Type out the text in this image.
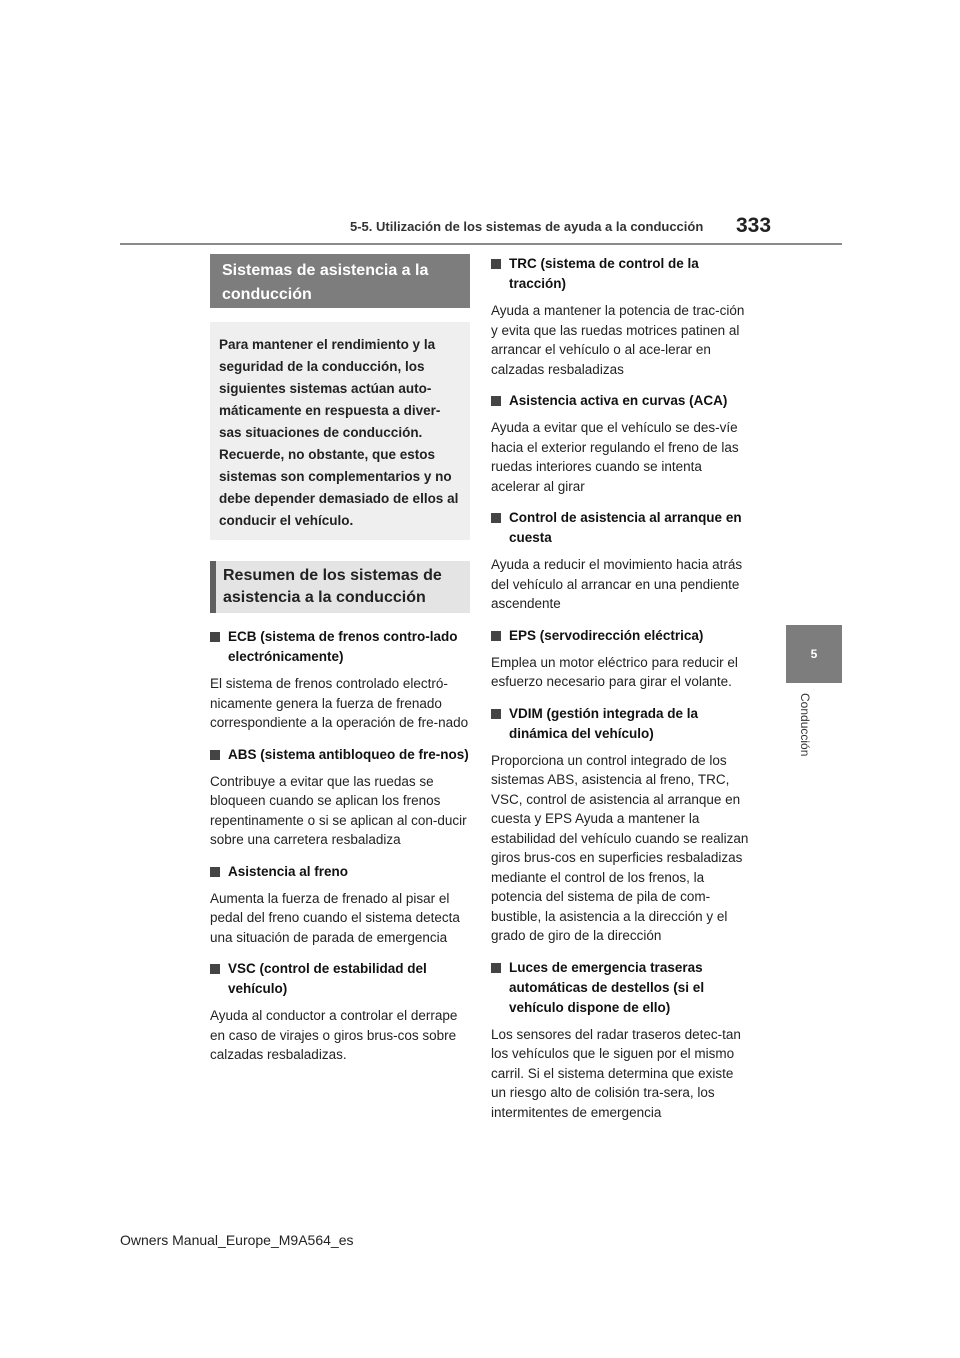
5-5. Utilización de los sistemas de ayuda a la conducción 333
5
Conducción
Sistemas de asistencia a la conducción
Para mantener el rendimiento y la seguridad de la conducción, los siguientes sistemas actúan auto-máticamente en respuesta a diver-sas situaciones de conducción. Recuerde, no obstante, que estos sistemas son complementarios y no debe depender demasiado de ellos al conducir el vehículo.
Resumen de los sistemas de asistencia a la conducción
ECB (sistema de frenos contro-lado electrónicamente)
El sistema de frenos controlado electró-nicamente genera la fuerza de frenado correspondiente a la operación de fre-nado
ABS (sistema antibloqueo de fre-nos)
Contribuye a evitar que las ruedas se bloqueen cuando se aplican los frenos repentinamente o si se aplican al con-ducir sobre una carretera resbaladiza
Asistencia al freno
Aumenta la fuerza de frenado al pisar el pedal del freno cuando el sistema detecta una situación de parada de emergencia
VSC (control de estabilidad del vehículo)
Ayuda al conductor a controlar el derrape en caso de virajes o giros brus-cos sobre calzadas resbaladizas.
TRC (sistema de control de la tracción)
Ayuda a mantener la potencia de trac-ción y evita que las ruedas motrices patinen al arrancar el vehículo o al ace-lerar en calzadas resbaladizas
Asistencia activa en curvas (ACA)
Ayuda a evitar que el vehículo se des-víe hacia el exterior regulando el freno de las ruedas interiores cuando se intenta acelerar al girar
Control de asistencia al arranque en cuesta
Ayuda a reducir el movimiento hacia atrás del vehículo al arrancar en una pendiente ascendente
EPS (servodirección eléctrica)
Emplea un motor eléctrico para reducir el esfuerzo necesario para girar el volante.
VDIM (gestión integrada de la dinámica del vehículo)
Proporciona un control integrado de los sistemas ABS, asistencia al freno, TRC, VSC, control de asistencia al arranque en cuesta y EPS Ayuda a mantener la estabilidad del vehículo cuando se realizan giros brus-cos en superficies resbaladizas mediante el control de los frenos, la potencia del sistema de pila de com-bustible, la asistencia a la dirección y el grado de giro de la dirección
Luces de emergencia traseras automáticas de destellos (si el vehículo dispone de ello)
Los sensores del radar traseros detec-tan los vehículos que le siguen por el mismo carril. Si el sistema determina que existe un riesgo alto de colisión tra-sera, los intermitentes de emergencia
Owners Manual_Europe_M9A564_es
